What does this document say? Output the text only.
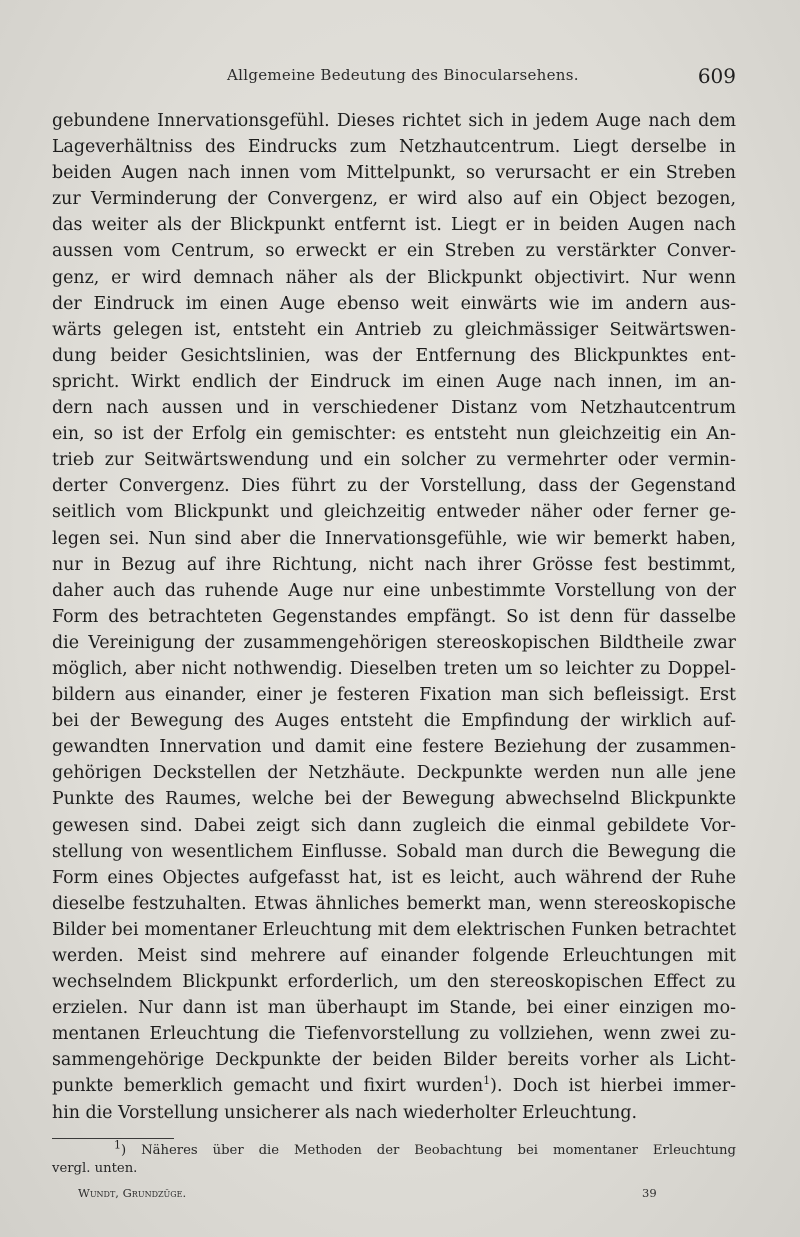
Allgemeine Bedeutung des Binocularsehens.	609
gebundene Innervationsgefühl. Dieses richtet sich in jedem Auge nach dem
Lageverhältniss des Eindrucks zum Netzhautcentrum. Liegt derselbe in
beiden Augen nach innen vom Mittelpunkt, so verursacht er ein Streben
zur Verminderung der Convergenz, er wird also auf ein Object bezogen,
das weiter als der Blickpunkt entfernt ist. Liegt er in beiden Augen nach
aussen vom Centrum, so erweckt er ein Streben zu verstärkter Conver-
genz, er wird demnach näher als der Blickpunkt objectivirt. Nur wenn
der Eindruck im einen Auge ebenso weit einwärts wie im andern aus-
wärts gelegen ist, entsteht ein Antrieb zu gleichmässiger Seitwärtswen-
dung beider Gesichtslinien, was der Entfernung des Blickpunktes ent-
spricht. Wirkt endlich der Eindruck im einen Auge nach innen, im an-
dern nach aussen und in verschiedener Distanz vom Netzhautcentrum
ein, so ist der Erfolg ein gemischter: es entsteht nun gleichzeitig ein An-
trieb zur Seitwärtswendung und ein solcher zu vermehrter oder vermin-
derter Convergenz. Dies führt zu der Vorstellung, dass der Gegenstand
seitlich vom Blickpunkt und gleichzeitig entweder näher oder ferner ge-
legen sei. Nun sind aber die Innervationsgefühle, wie wir bemerkt haben,
nur in Bezug auf ihre Richtung, nicht nach ihrer Grösse fest bestimmt,
daher auch das ruhende Auge nur eine unbestimmte Vorstellung von der
Form des betrachteten Gegenstandes empfängt. So ist denn für dasselbe
die Vereinigung der zusammengehörigen stereoskopischen Bildtheile zwar
möglich, aber nicht nothwendig. Dieselben treten um so leichter zu Doppel-
bildern aus einander, einer je festeren Fixation man sich befleissigt. Erst
bei der Bewegung des Auges entsteht die Empfindung der wirklich auf-
gewandten Innervation und damit eine festere Beziehung der zusammen-
gehörigen Deckstellen der Netzhäute. Deckpunkte werden nun alle jene
Punkte des Raumes, welche bei der Bewegung abwechselnd Blickpunkte
gewesen sind. Dabei zeigt sich dann zugleich die einmal gebildete Vor-
stellung von wesentlichem Einflusse. Sobald man durch die Bewegung die
Form eines Objectes aufgefasst hat, ist es leicht, auch während der Ruhe
dieselbe festzuhalten. Etwas ähnliches bemerkt man, wenn stereoskopische
Bilder bei momentaner Erleuchtung mit dem elektrischen Funken betrachtet
werden. Meist sind mehrere auf einander folgende Erleuchtungen mit
wechselndem Blickpunkt erforderlich, um den stereoskopischen Effect zu
erzielen. Nur dann ist man überhaupt im Stande, bei einer einzigen mo-
mentanen Erleuchtung die Tiefenvorstellung zu vollziehen, wenn zwei zu-
sammengehörige Deckpunkte der beiden Bilder bereits vorher als Licht-
punkte bemerklich gemacht und fixirt wurden$^1$). Doch ist hierbei immer-
hin die Vorstellung unsicherer als nach wiederholter Erleuchtung.
$^1$) Näheres über die Methoden der Beobachtung bei momentaner Erleuchtung
vergl. unten.
Wundt, Grundzüge.	39
